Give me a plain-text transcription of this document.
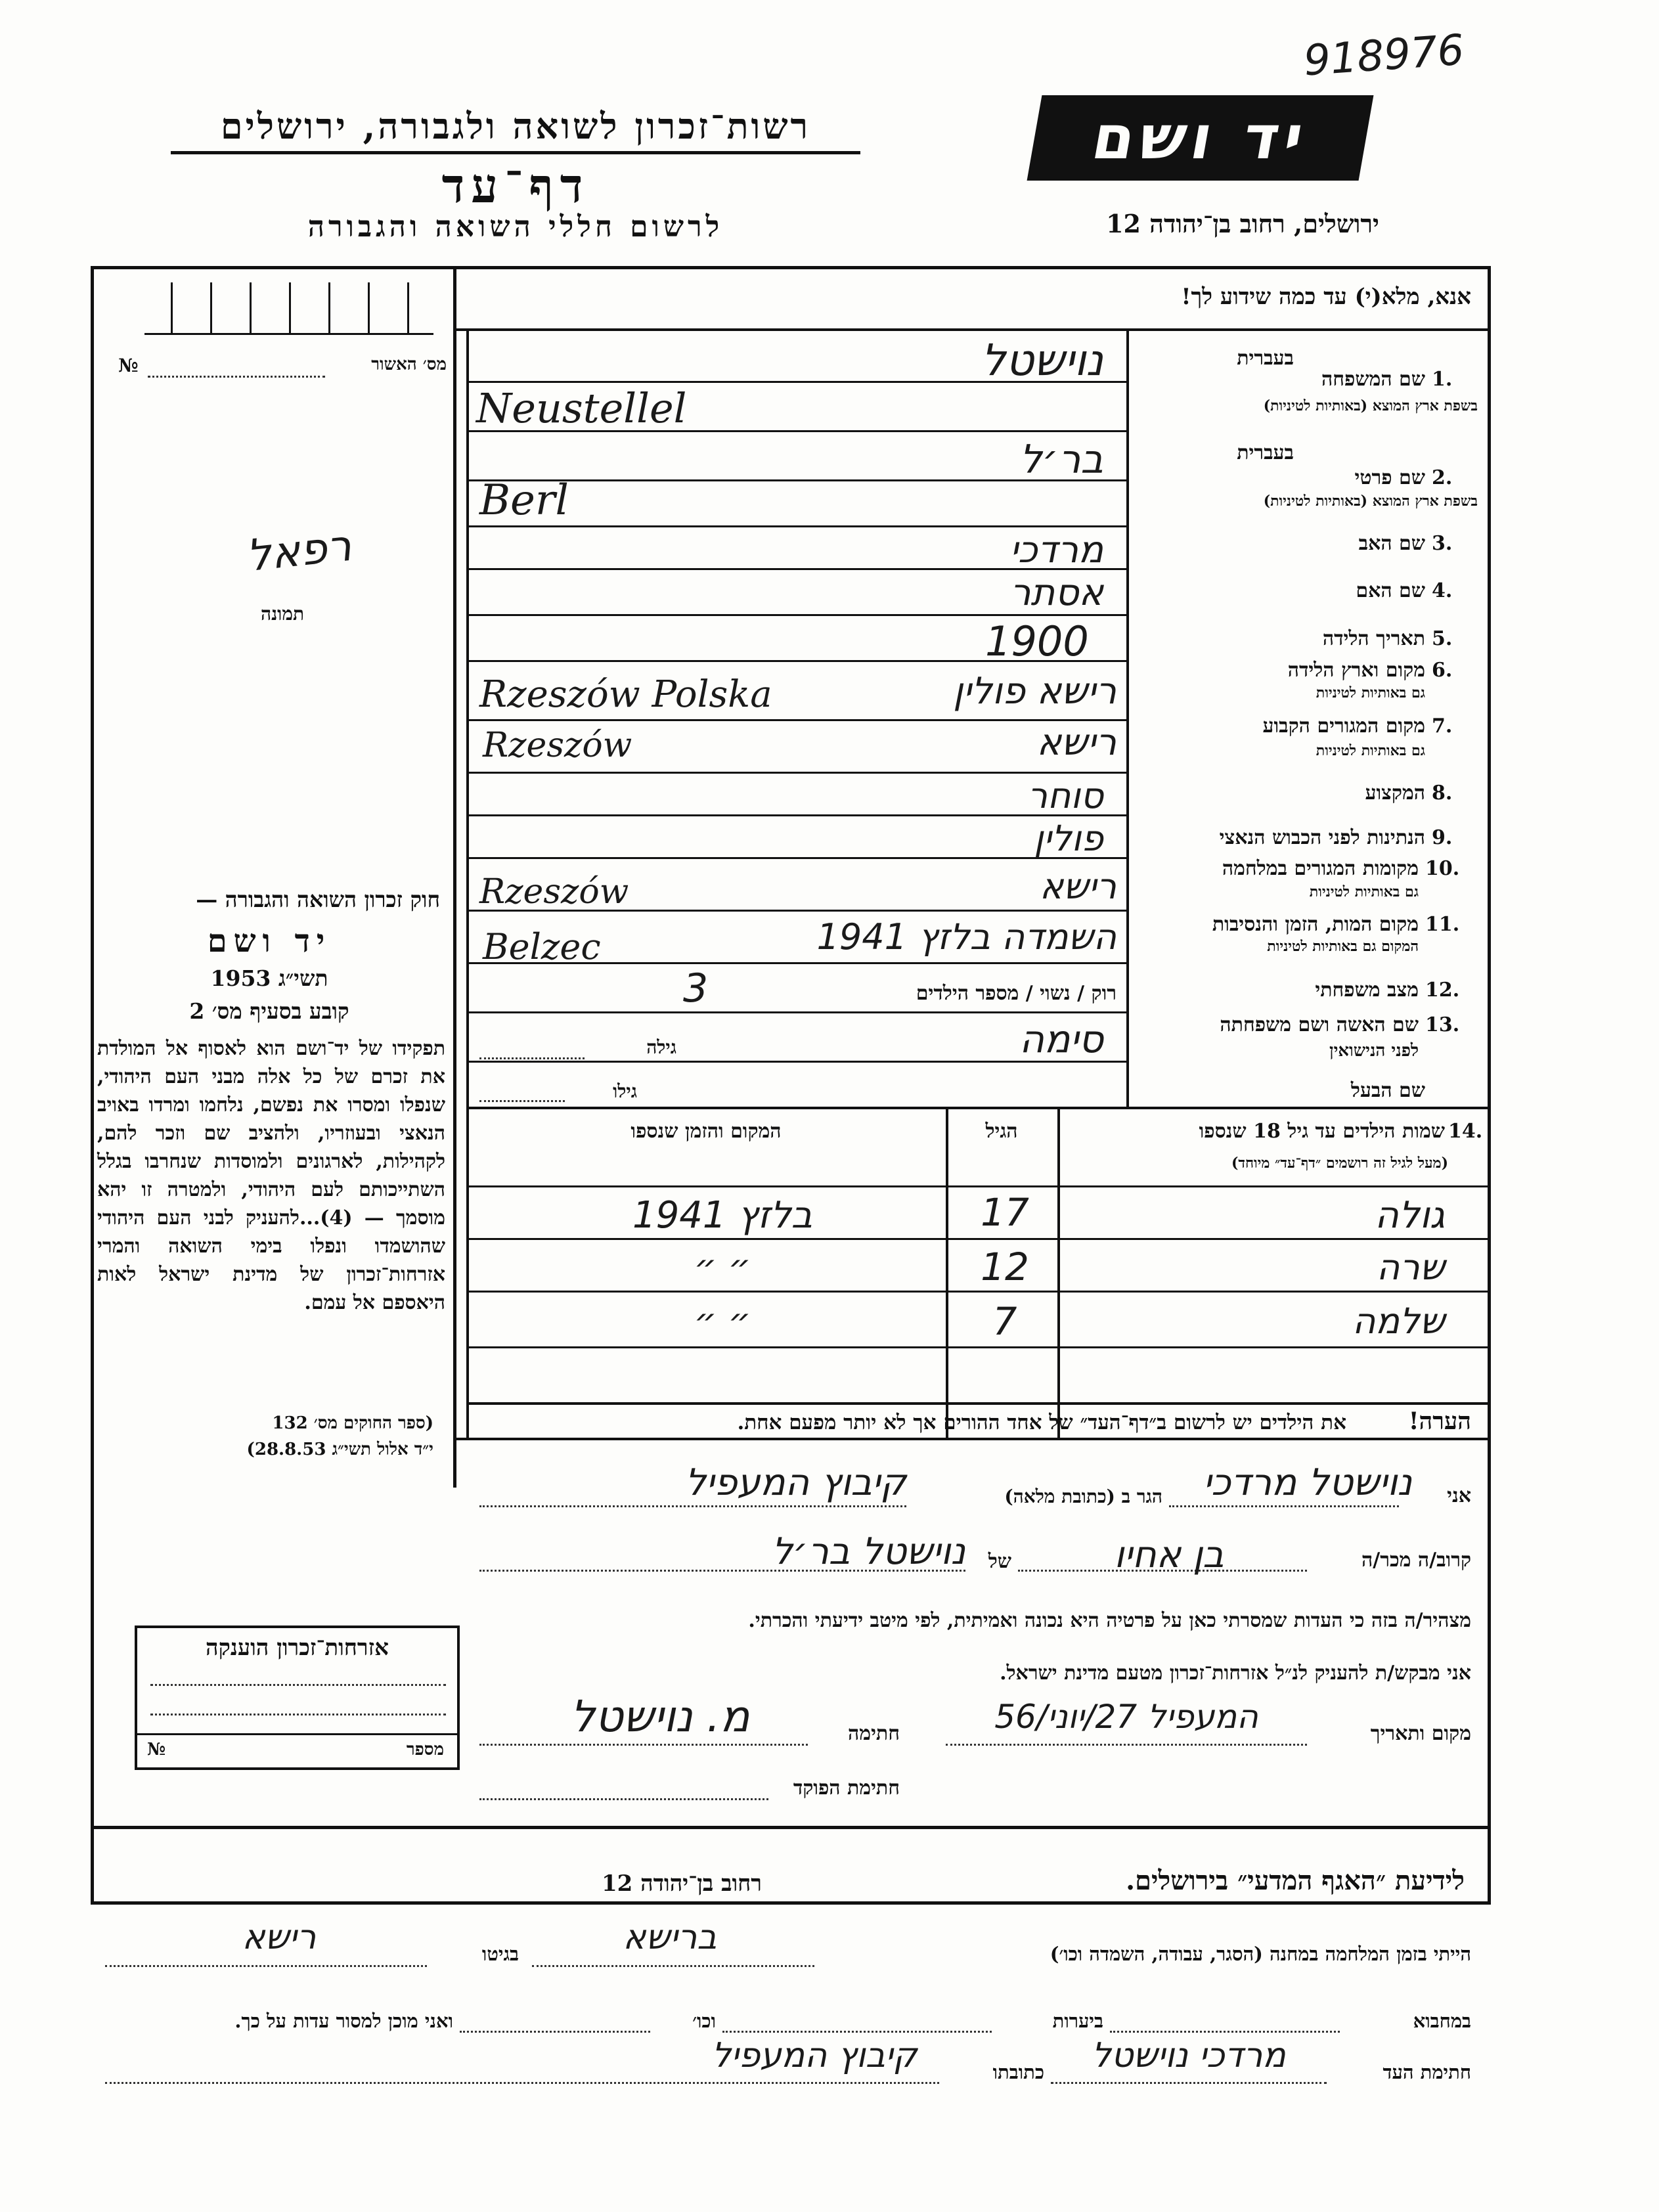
918976
רשות־זכרון לשואה ולגבורה, ירושלים
דף־עד
לרשום חללי השואה והגבורה
יד ושם
ירושלים, רחוב בן־יהודה 12
מס׳ האשור
№
רפאל
תמונה
חוק זכרון השואה והגבורה —
יד ושם
תשי״ג 1953
קובע בסעיף מס׳ 2
תפקידו של יד־ושם הוא לאסוף אל המולדת את זכרם של כל אלה מבני העם היהודי, שנפלו ומסרו את נפשם, נלחמו ומרדו באויב הנאצי ובעוזריו, ולהציב שם וזכר להם, לקהילות, לארגונים ולמוסדות שנחרבו בגלל השתייכותם לעם היהודי, ולמטרה זו יהא מוסמך — (4)...להעניק לבני העם היהודי שהושמדו ונפלו בימי השואה והמרי אזרחות־זכרון של מדינת ישראל לאות היאספם אל עמם.
(ספר החוקים מס׳ 132
י״ד אלול תשי״ג 28.8.53)
אזרחות־זכרון הוענקה
מספר
№
אנא, מלא(י) עד כמה שידוע לך!
1.
שם המשפחה
בעברית
בשפת ארץ המוצא (באותיות לטיניות)
נוישטל
Neustellel
2.
שם פרטי
בעברית
בשפת ארץ המוצא (באותיות לטיניות)
בר׳ל
Berl
3.
שם האב
מרדכי
4.
שם האם
אסתר
5.
תאריך הלידה
1900
6.
מקום וארץ הלידה
גם באותיות לטיניות
רישא פולין
Rzeszów Polska
7.
מקום המגורים הקבוע
גם באותיות לטיניות
רישא
Rzeszów
8.
המקצוע
סוחר
9.
הנתינות לפני הכבוש הנאצי
פולין
10.
מקומות המגורים במלחמה
גם באותיות לטיניות
רישא
Rzeszów
11.
מקום המות, הזמן והנסיבות
המקום גם באותיות לטיניות
השמדה בלזץ 1941
Belzec
12.
מצב משפחתי
רוק / נשוי / מספר הילדים
3
13.
שם האשה ושם משפחתה
לפני הנישואין
סימה
גילה
שם הבעל
גילו
14.
שמות הילדים עד גיל 18 שנספו
(מעל לגיל זה רושמים ״דף־עד״ מיוחד)
הגיל
המקום והזמן שנספו
גולה
17
בלזץ 1941
שרה
12
״ ״
שלמה
7
״ ״
הערה!
את הילדים יש לרשום ב״דף־העד״ של אחד ההורים אך לא יותר מפעם אחת.
אני
נוישטל מרדכי
הגר ב (כתובת מלאה)
קיבוץ המעפיל
קרוב/ה מכר/ה
בן אחיו
של
נוישטל בר׳ל
מצהיר/ה בזה כי העדות שמסרתי כאן על פרטיה היא נכונה ואמיתית, לפי מיטב ידיעתי והכרתי.
אני מבקש/ת להעניק לנ״ל אזרחות־זכרון מטעם מדינת ישראל.
מקום ותאריך
המעפיל 27/יוני/56
חתימה
מ. נוישטל
חתימת הפוקד
לידיעת ״האגף המדעי״ בירושלים.
רחוב בן־יהודה 12
הייתי בזמן המלחמה במחנה (הסגר, עבודה, השמדה וכו׳)
ברישא
בגיטו
רישא
במחבוא
ביערות
וכו׳
ואני מוכן למסור עדות על כך.
חתימת העד
מרדכי נוישטל
כתובתו
קיבוץ המעפיל
